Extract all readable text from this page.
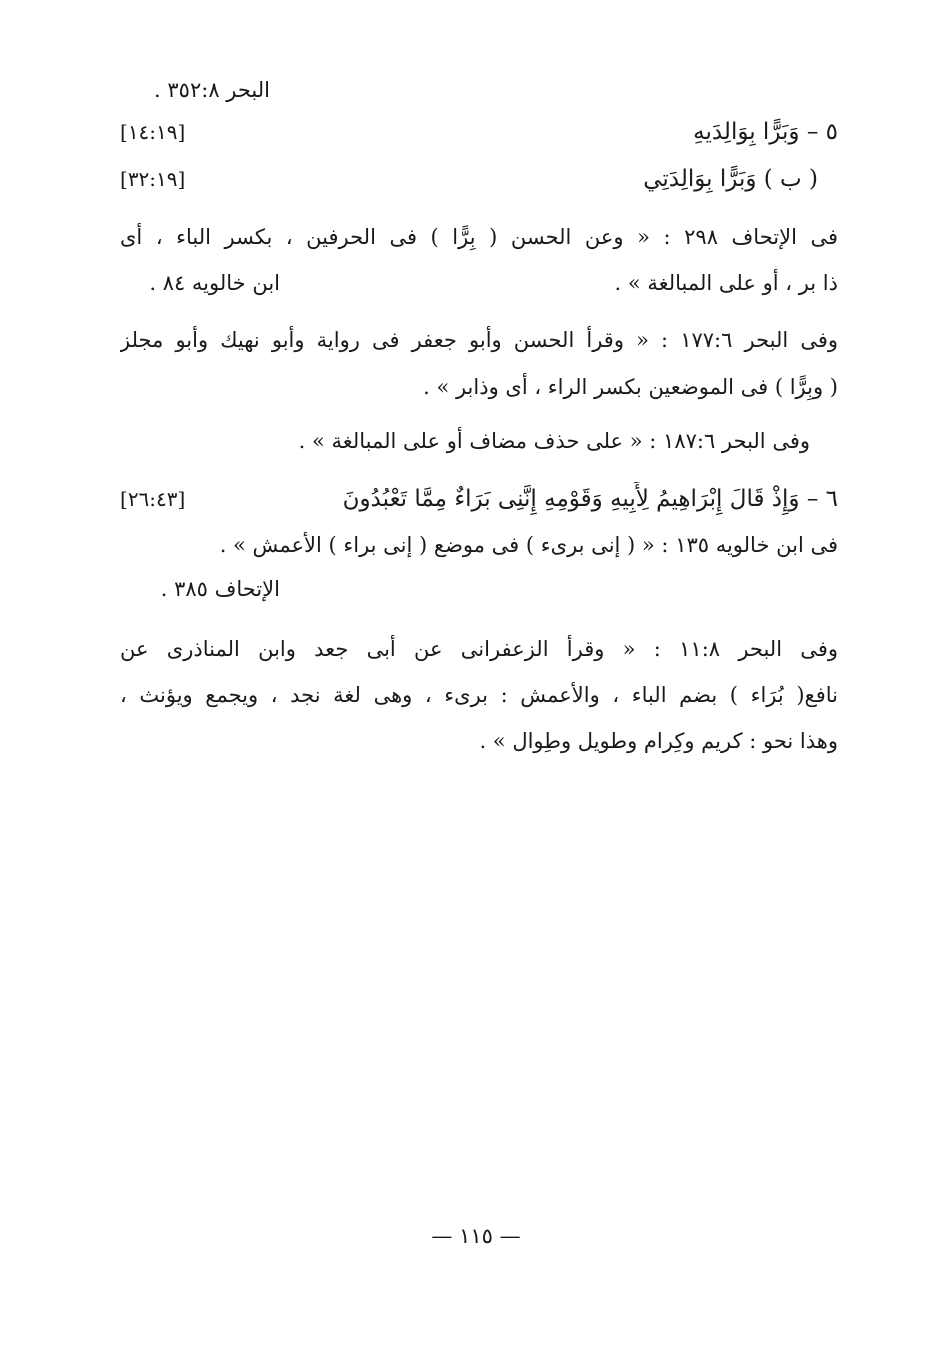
البحر ٣٥٢:٨ .
٥ – وَبَرًّا بِوَالِدَيهِ
[١٤:١٩]
( ب ) وَبَرًّا بِوَالِدَتِي
[٣٢:١٩]
فى الإتحاف ٢٩٨ : « وعن الحسن ( بِرًّا ) فى الحرفين ، بكسر الباء ، أى
ذا بر ، أو على المبالغة » .
ابن خالويه ٨٤ .
وفى البحر ١٧٧:٦ : « وقرأ الحسن وأبو جعفر فى رواية وأبو نهيك وأبو مجلز
( وبِرًّا ) فى الموضعين بكسر الراء ، أى وذابر » .
وفى البحر ١٨٧:٦ : « على حذف مضاف أو على المبالغة » .
٦ – وَإِذْ قَالَ إِبْرَاهِيمُ لِأَبِيهِ وَقَوْمِهِ إِنَّنِى بَرَاءٌ مِمَّا تَعْبُدُونَ
[٢٦:٤٣]
فى ابن خالويه ١٣٥ : « ( إنى برىء ) فى موضع ( إنى براء ) الأعمش » .
الإتحاف ٣٨٥ .
وفى البحر ١١:٨ : « وقرأ الزعفرانى عن أبى جعد وابن المناذرى عن
نافع( بُرَاء ) بضم الباء ، والأعمش : برىء ، وهى لغة نجد ، ويجمع ويؤنث ،
وهذا نحو : كريم وكِرام وطويل وطِوال » .
— ١١٥ —
